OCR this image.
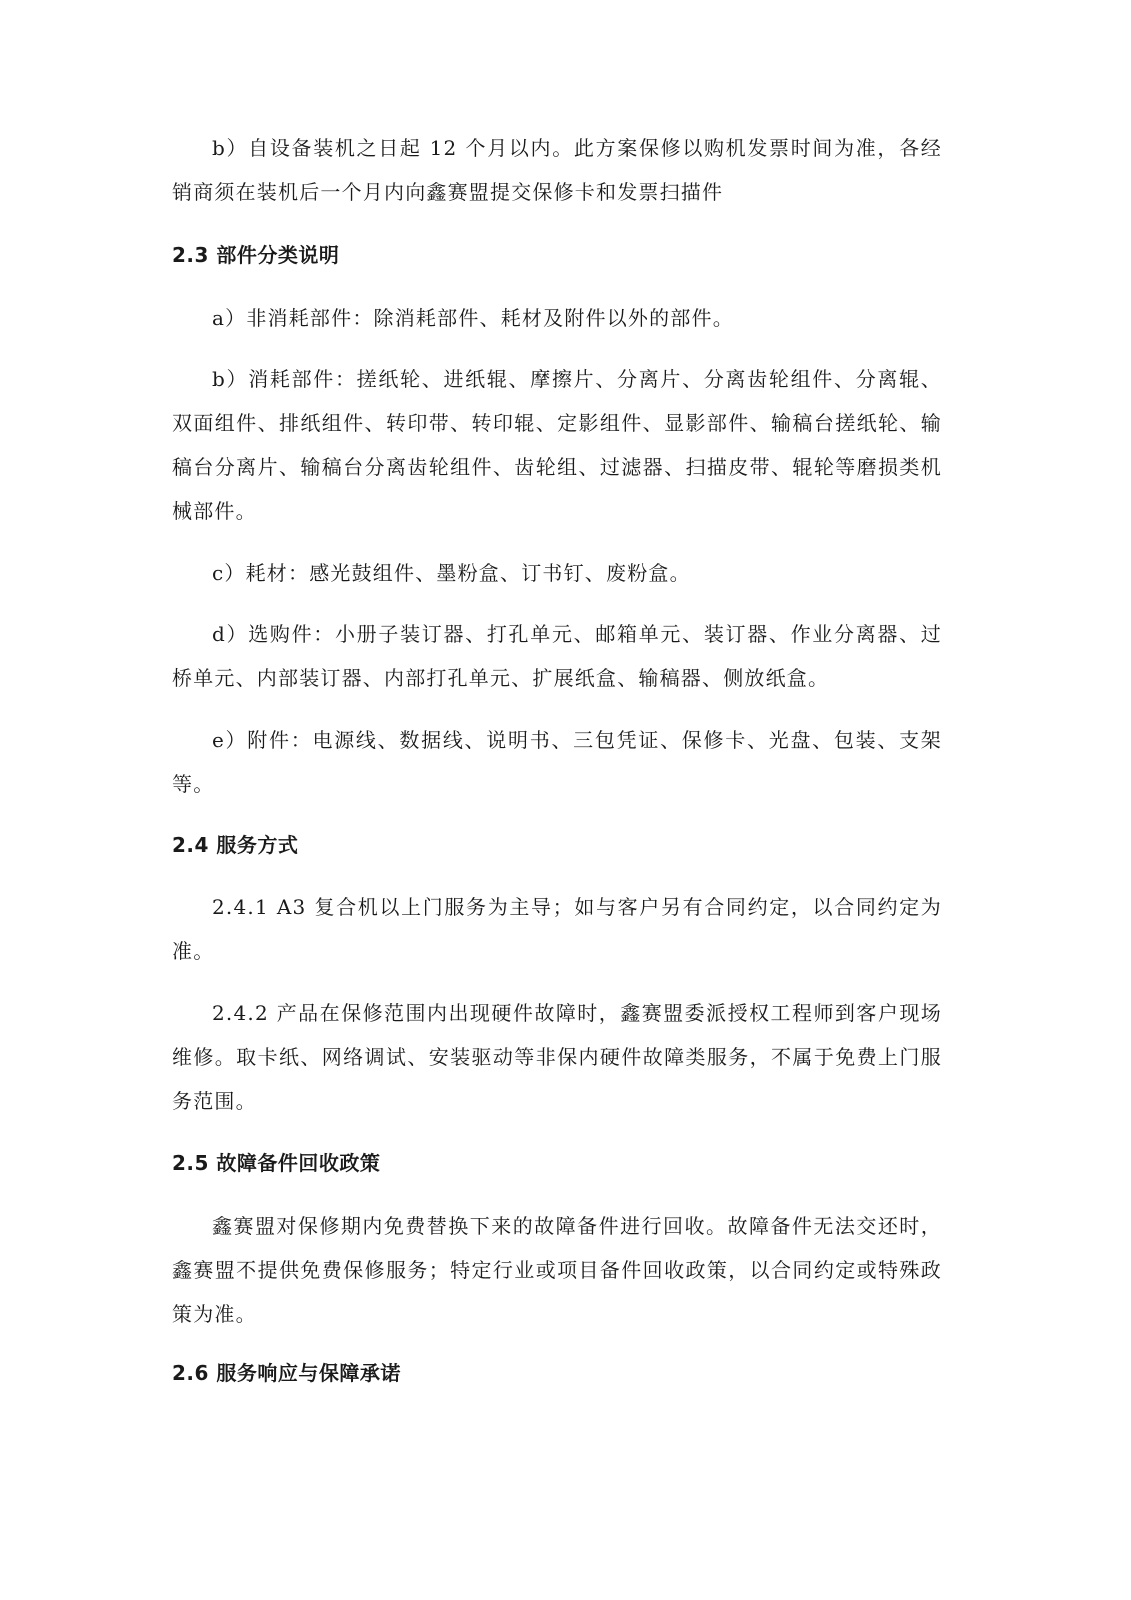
b）自设备装机之日起 12 个月以内。此方案保修以购机发票时间为准，各经销商须在装机后一个月内向鑫赛盟提交保修卡和发票扫描件

2.3 部件分类说明

a）非消耗部件：除消耗部件、耗材及附件以外的部件。

b）消耗部件：搓纸轮、进纸辊、摩擦片、分离片、分离齿轮组件、分离辊、双面组件、排纸组件、转印带、转印辊、定影组件、显影部件、输稿台搓纸轮、输稿台分离片、输稿台分离齿轮组件、齿轮组、过滤器、扫描皮带、辊轮等磨损类机械部件。

c）耗材：感光鼓组件、墨粉盒、订书钉、废粉盒。

d）选购件：小册子装订器、打孔单元、邮箱单元、装订器、作业分离器、过桥单元、内部装订器、内部打孔单元、扩展纸盒、输稿器、侧放纸盒。

e）附件：电源线、数据线、说明书、三包凭证、保修卡、光盘、包装、支架等。

2.4 服务方式

2.4.1 A3 复合机以上门服务为主导；如与客户另有合同约定，以合同约定为准。

2.4.2 产品在保修范围内出现硬件故障时，鑫赛盟委派授权工程师到客户现场维修。取卡纸、网络调试、安装驱动等非保内硬件故障类服务，不属于免费上门服务范围。

2.5 故障备件回收政策

鑫赛盟对保修期内免费替换下来的故障备件进行回收。故障备件无法交还时，鑫赛盟不提供免费保修服务；特定行业或项目备件回收政策，以合同约定或特殊政策为准。

2.6 服务响应与保障承诺
